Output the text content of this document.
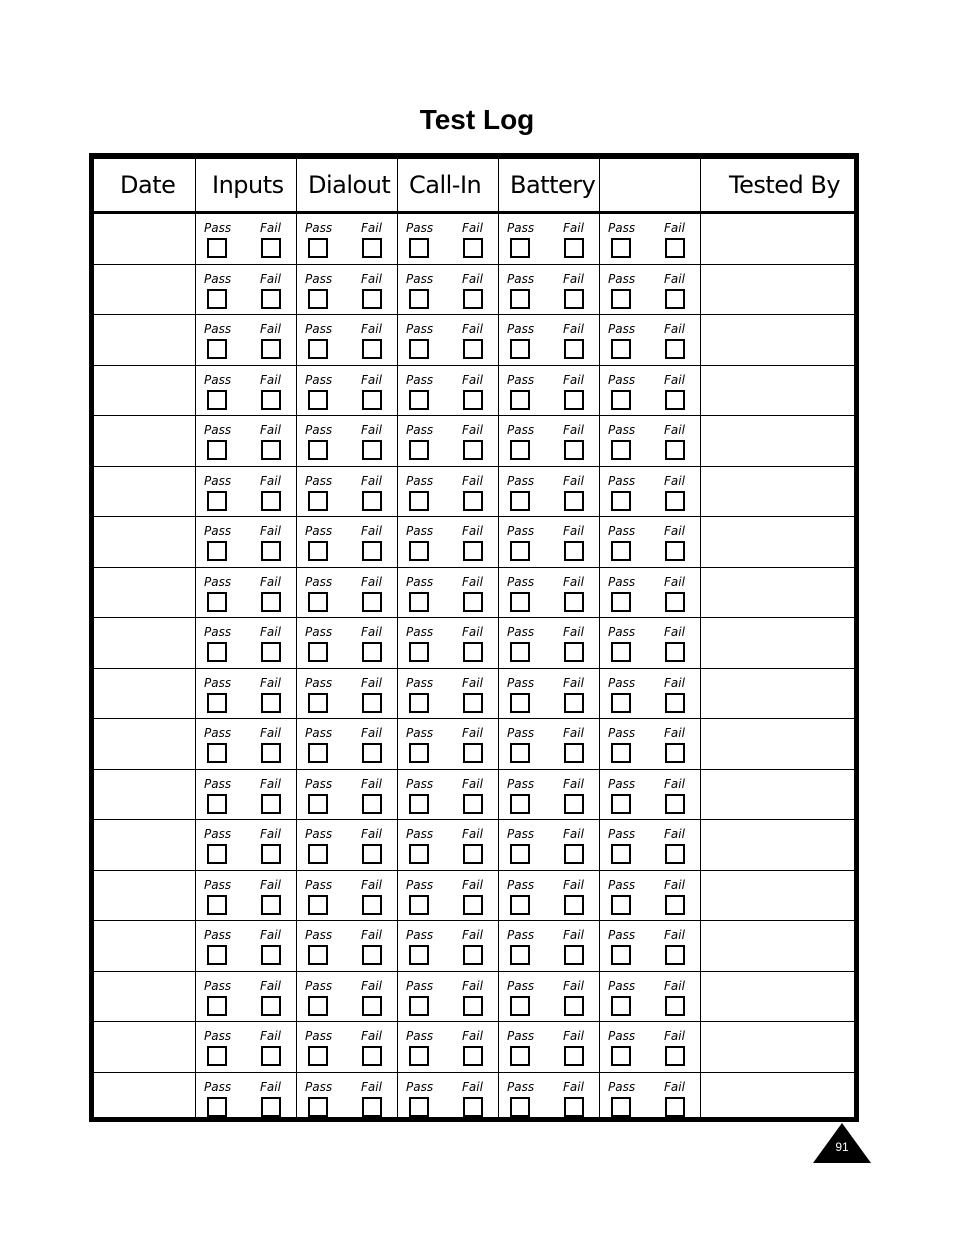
Test Log
Date Inputs Dialout Call-In Battery	Tested By
Pass Fail Pass Fail Pass Fail Pass Fail Pass Fail
Pass Fail Pass Fail Pass Fail Pass Fail Pass Fail
Pass Fail Pass Fail Pass Fail Pass Fail Pass Fail
Pass Fail Pass Fail Pass Fail Pass Fail Pass Fail
Pass Fail Pass Fail Pass Fail Pass Fail Pass Fail
Pass Fail Pass Fail Pass Fail Pass Fail Pass Fail
Pass Fail Pass Fail Pass Fail Pass Fail Pass Fail
Pass Fail Pass Fail Pass Fail Pass Fail Pass Fail
Pass Fail Pass Fail Pass Fail Pass Fail Pass Fail
Pass Fail Pass Fail Pass Fail Pass Fail Pass Fail
Pass Fail Pass Fail Pass Fail Pass Fail Pass Fail
Pass Fail Pass Fail Pass Fail Pass Fail Pass Fail
Pass Fail Pass Fail Pass Fail Pass Fail Pass Fail
Pass Fail Pass Fail Pass Fail Pass Fail Pass Fail
Pass Fail Pass Fail Pass Fail Pass Fail Pass Fail
Pass Fail Pass Fail Pass Fail Pass Fail Pass Fail
Pass Fail Pass Fail Pass Fail Pass Fail Pass Fail
Pass Fail Pass Fail Pass Fail Pass Fail Pass Fail
91
